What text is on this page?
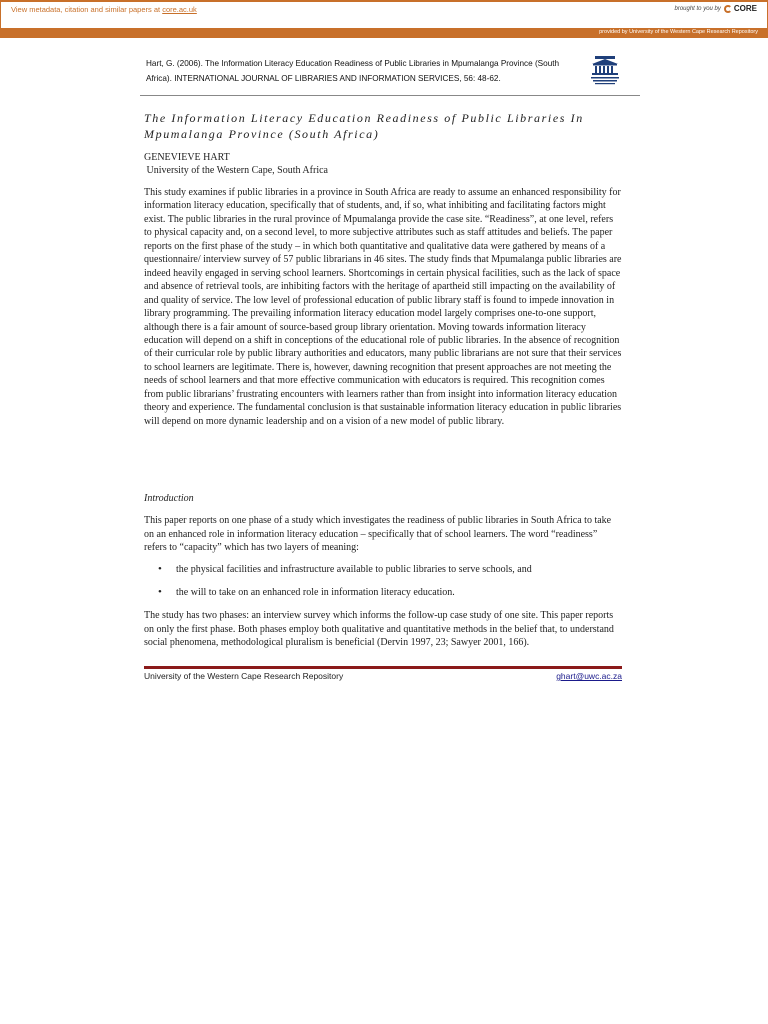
View metadata, citation and similar papers at core.ac.uk	brought to you by CORE
provided by University of the Western Cape Research Repository
Hart, G. (2006). The Information Literacy Education Readiness of Public Libraries in Mpumalanga Province (South Africa). INTERNATIONAL JOURNAL OF LIBRARIES AND INFORMATION SERVICES, 56: 48-62.
The Information Literacy Education Readiness of Public Libraries In Mpumalanga Province (South Africa)
GENEVIEVE HART
University of the Western Cape, South Africa

This study examines if public libraries in a province in South Africa are ready to assume an enhanced responsibility for information literacy education, specifically that of students, and, if so, what inhibiting and facilitating factors might exist. The public libraries in the rural province of Mpumalanga provide the case site. “Readiness”, at one level, refers to physical capacity and, on a second level, to more subjective attributes such as staff attitudes and beliefs. The paper reports on the first phase of the study – in which both quantitative and qualitative data were gathered by means of a questionnaire/ interview survey of 57 public librarians in 46 sites. The study finds that Mpumalanga public libraries are indeed heavily engaged in serving school learners. Shortcomings in certain physical facilities, such as the lack of space and absence of retrieval tools, are inhibiting factors with the heritage of apartheid still impacting on the availability of and quality of service. The low level of professional education of public library staff is found to impede innovation in library programming. The prevailing information literacy education model largely comprises one-to-one support, although there is a fair amount of source-based group library orientation. Moving towards information literacy education will depend on a shift in conceptions of the educational role of public libraries. In the absence of recognition of their curricular role by public library authorities and educators, many public librarians are not sure that their services to school learners are legitimate. There is, however, dawning recognition that present approaches are not meeting the needs of school learners and that more effective communication with educators is required. This recognition comes from public librarians’ frustrating encounters with learners rather than from insight into information literacy education theory and experience. The fundamental conclusion is that sustainable information literacy education in public libraries will depend on more dynamic leadership and on a vision of a new model of public library.

Introduction

This paper reports on one phase of a study which investigates the readiness of public libraries in South Africa to take on an enhanced role in information literacy education – specifically that of school learners. The word “readiness” refers to “capacity” which has two layers of meaning:

• the physical facilities and infrastructure available to public libraries to serve schools, and
• the will to take on an enhanced role in information literacy education.

The study has two phases: an interview survey which informs the follow-up case study of one site. This paper reports on only the first phase. Both phases employ both qualitative and quantitative methods in the belief that, to understand social phenomena, methodological pluralism is beneficial (Dervin 1997, 23; Sawyer 2001, 166).

University of the Western Cape Research Repository	ghart@uwc.ac.za
